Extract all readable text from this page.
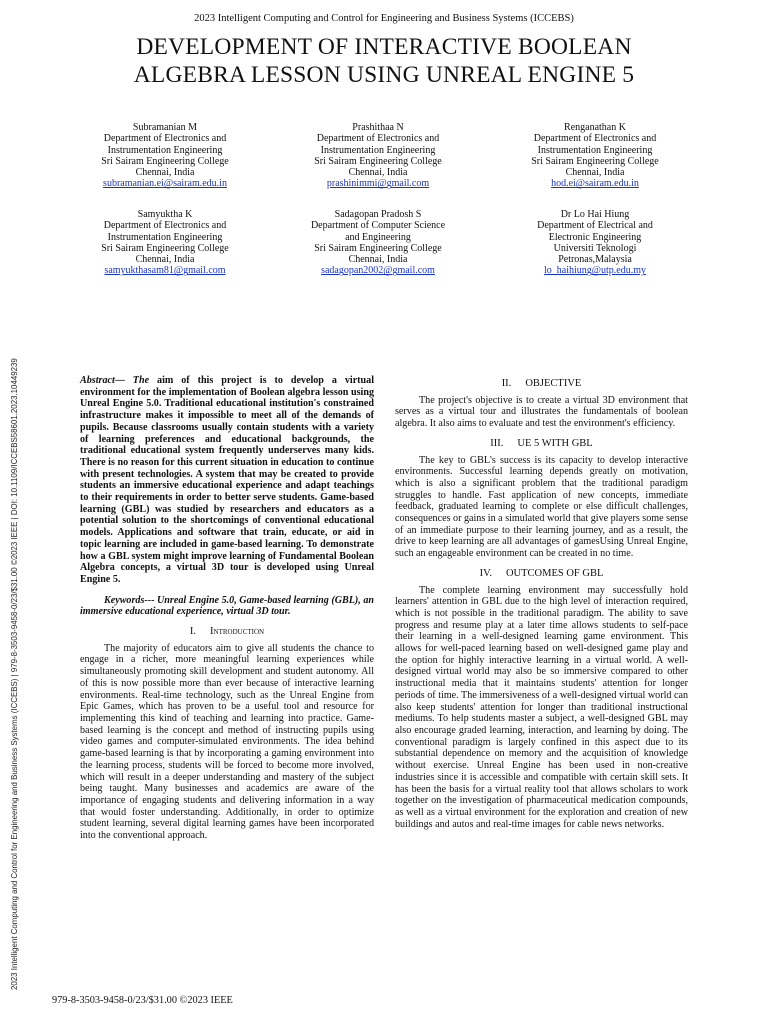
2023 Intelligent Computing and Control for Engineering and Business Systems (ICCEBS) | 979-8-3503-9458-0/23/$31.00 ©2023 IEEE | DOI: 10.1109/ICCEBS58601.2023.10449239
2023 Intelligent Computing and Control for Engineering and Business Systems (ICCEBS)
DEVELOPMENT OF INTERACTIVE BOOLEAN
ALGEBRA LESSON USING UNREAL ENGINE 5
Subramanian M
Department of Electronics and
Instrumentation Engineering
Sri Sairam Engineering College
Chennai, India
subramanian.ei@sairam.edu.in
Prashithaa N
Department of Electronics and
Instrumentation Engineering
Sri Sairam Engineering College
Chennai, India
prashinimmi@gmail.com
Renganathan K
Department of Electronics and
Instrumentation Engineering
Sri Sairam Engineering College
Chennai, India
hod.ei@sairam.edu.in
Samyuktha K
Department of Electronics and
Instrumentation Engineering
Sri Sairam Engineering College
Chennai, India
samyukthasam81@gmail.com
Sadagopan Pradosh S
Department of Computer Science
and Engineering
Sri Sairam Engineering College
Chennai, India
sadagopan2002@gmail.com
Dr Lo Hai Hiung
Department of Electrical and
Electronic Engineering
Universiti Teknologi
Petronas,Malaysia
lo_haihiung@utp.edu.my
Abstract— The aim of this project is to develop a virtual environment for the implementation of Boolean algebra lesson using Unreal Engine 5.0. Traditional educational institution's constrained infrastructure makes it impossible to meet all of the demands of pupils. Because classrooms usually contain students with a variety of learning preferences and educational backgrounds, the traditional educational system frequently underserves many kids. There is no reason for this current situation in education to continue with present technologies. A system that may be created to provide students an immersive educational experience and adapt teachings to their requirements in order to better serve students. Game-based learning (GBL) was studied by researchers and educators as a potential solution to the shortcomings of conventional educational models. Applications and software that train, educate, or aid in topic learning are included in game-based learning. To demonstrate how a GBL system might improve learning of Fundamental Boolean Algebra concepts, a virtual 3D tour is developed using Unreal Engine 5.
Keywords--- Unreal Engine 5.0, Game-based learning (GBL), an immersive educational experience, virtual 3D tour.
I. Introduction

The majority of educators aim to give all students the chance to engage in a richer, more meaningful learning experiences while simultaneously promoting skill development and student autonomy. All of this is now possible more than ever because of interactive learning environments. Real-time technology, such as the Unreal Engine from Epic Games, which has proven to be a useful tool and resource for implementing this kind of teaching and learning into practice. Game-based learning is the concept and method of instructing pupils using video games and computer-simulated environments. The idea behind game-based learning is that by incorporating a gaming environment into the learning process, students will be forced to become more involved, which will result in a deeper understanding and mastery of the subject being taught. Many businesses and academics are aware of the importance of engaging students and delivering information in a way that would foster understanding. Additionally, in order to optimize student learning, several digital learning games have been incorporated into the conventional approach.

II. OBJECTIVE

The project's objective is to create a virtual 3D environment that serves as a virtual tour and illustrates the fundamentals of boolean algebra. It also aims to evaluate and test the environment's efficiency.

III. UE 5 WITH GBL

The key to GBL's success is its capacity to develop interactive environments. Successful learning depends greatly on motivation, which is also a significant problem that the traditional paradigm struggles to handle. Fast application of new concepts, immediate feedback, graduated learning to complete or else difficult challenges, consequences or gains in a simulated world that give players some sense of an immediate purpose to their learning journey, and as a result, the drive to keep learning are all advantages of gamesUsing Unreal Engine, such an engageable environment can be created in no time.

IV. OUTCOMES OF GBL

The complete learning environment may successfully hold learners' attention in GBL due to the high level of interaction required, which is not possible in the traditional paradigm. The ability to save progress and resume play at a later time allows students to self-pace their learning in a well-designed learning game environment. This allows for well-paced learning based on well-designed game play and the option for highly interactive learning in a virtual world. A well-designed virtual world may also be so immersive compared to other instructional media that it maintains students' attention for longer periods of time. The immersiveness of a well-designed virtual world can also keep students' attention for longer than traditional instructional mediums. To help students master a subject, a well-designed GBL may also encourage graded learning, interaction, and learning by doing. The conventional paradigm is largely confined in this aspect due to its substantial dependence on memory and the acquisition of knowledge without exercise. Unreal Engine has been used in non-creative industries since it is accessible and compatible with certain skill sets. It has been the basis for a virtual reality tool that allows scholars to work together on the investigation of pharmaceutical medication compounds, as well as a virtual environment for the exploration and creation of new buildings and autos and real-time images for cable news networks.

979-8-3503-9458-0/23/$31.00 ©2023 IEEE
